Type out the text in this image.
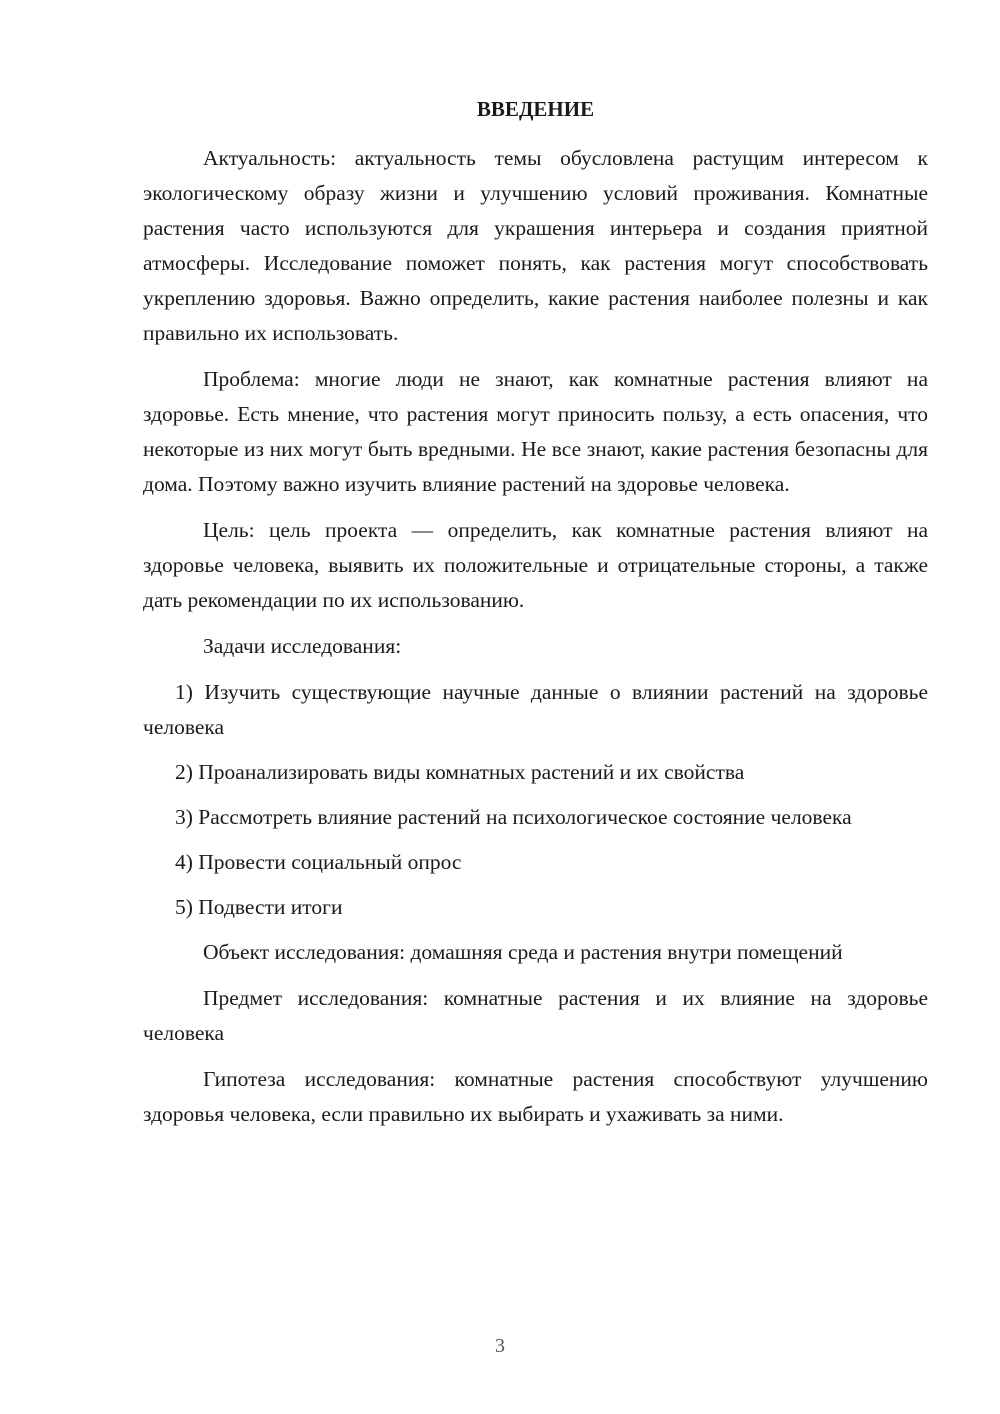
ВВЕДЕНИЕ

Актуальность: актуальность темы обусловлена растущим интересом к экологическому образу жизни и улучшению условий проживания. Комнатные растения часто используются для украшения интерьера и создания приятной атмосферы. Исследование поможет понять, как растения могут способствовать укреплению здоровья. Важно определить, какие растения наиболее полезны и как правильно их использовать.

Проблема: многие люди не знают, как комнатные растения влияют на здоровье. Есть мнение, что растения могут приносить пользу, а есть опасения, что некоторые из них могут быть вредными. Не все знают, какие растения безопасны для дома. Поэтому важно изучить влияние растений на здоровье человека.

Цель: цель проекта — определить, как комнатные растения влияют на здоровье человека, выявить их положительные и отрицательные стороны, а также дать рекомендации по их использованию.

Задачи исследования:

1) Изучить существующие научные данные о влиянии растений на здоровье человека

2) Проанализировать виды комнатных растений и их свойства

3) Рассмотреть влияние растений на психологическое состояние человека

4) Провести социальный опрос

5) Подвести итоги

Объект исследования: домашняя среда и растения внутри помещений

Предмет исследования: комнатные растения и их влияние на здоровье человека

Гипотеза исследования: комнатные растения способствуют улучшению здоровья человека, если правильно их выбирать и ухаживать за ними.

3
